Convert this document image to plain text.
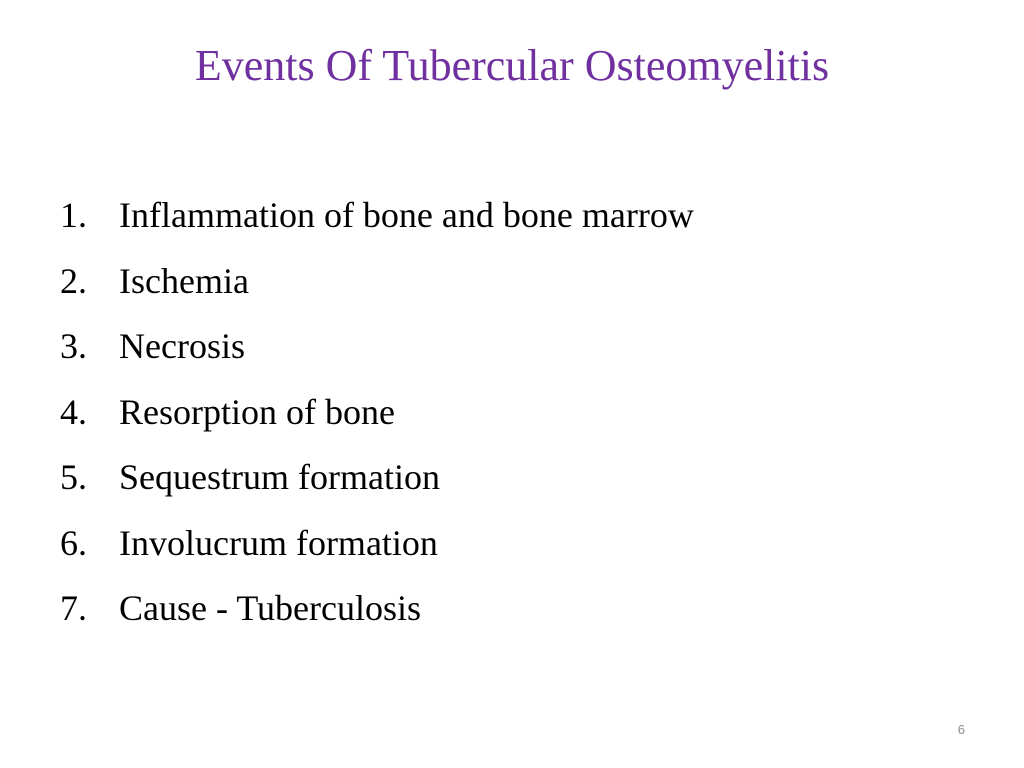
Events Of Tubercular Osteomyelitis
1. Inflammation of bone and bone marrow
2. Ischemia
3. Necrosis
4. Resorption of bone
5. Sequestrum formation
6. Involucrum formation
7. Cause - Tuberculosis
6
